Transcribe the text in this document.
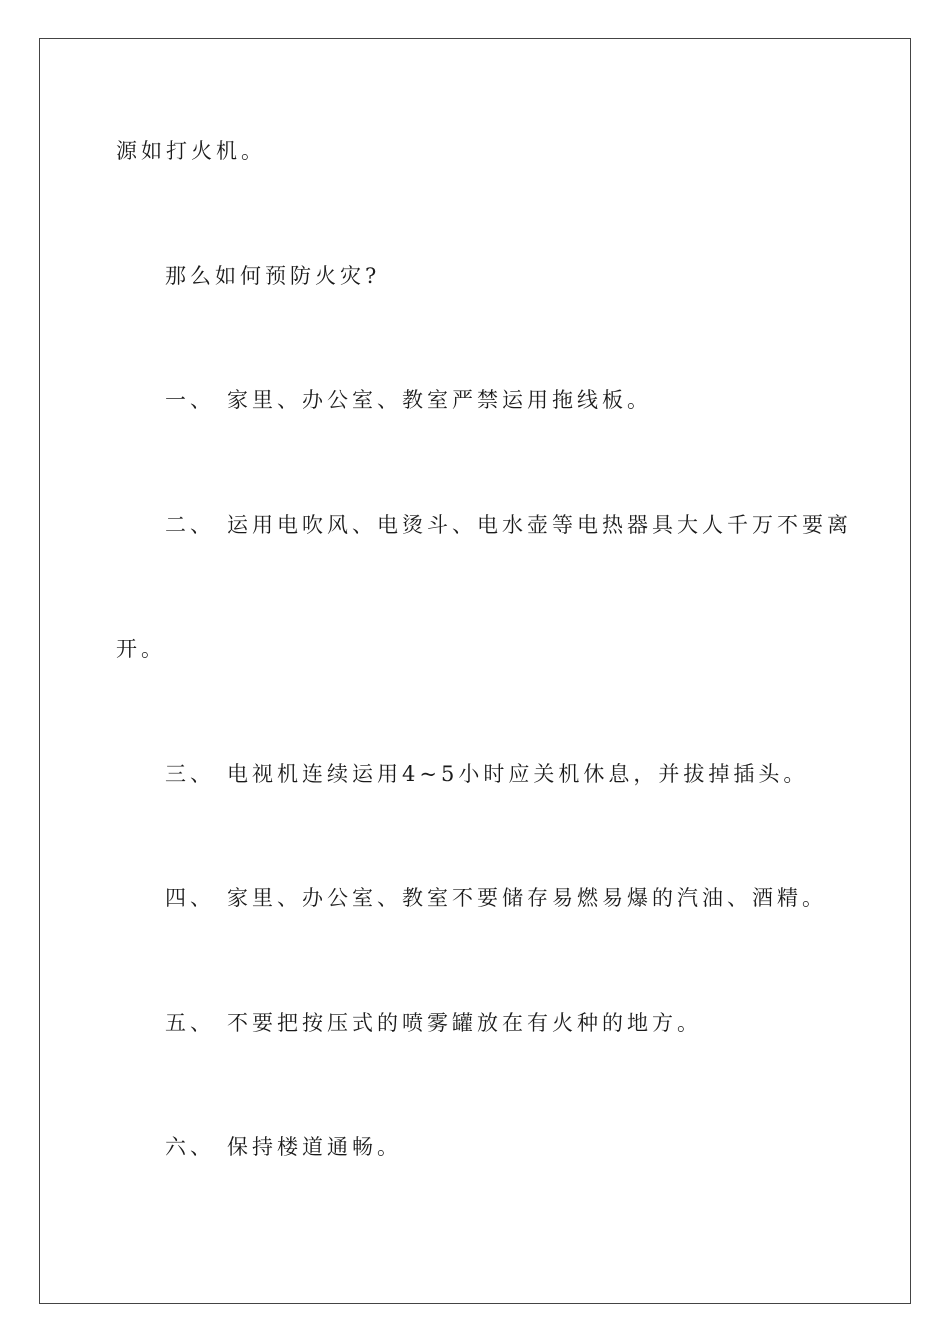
源如打火机。
那么如何预防火灾?
一、 家里、办公室、教室严禁运用拖线板。
二、 运用电吹风、电烫斗、电水壶等电热器具大人千万不要离
开。
三、 电视机连续运用4~5小时应关机休息，并拔掉插头。
四、 家里、办公室、教室不要储存易燃易爆的汽油、酒精。
五、 不要把按压式的喷雾罐放在有火种的地方。
六、 保持楼道通畅。
